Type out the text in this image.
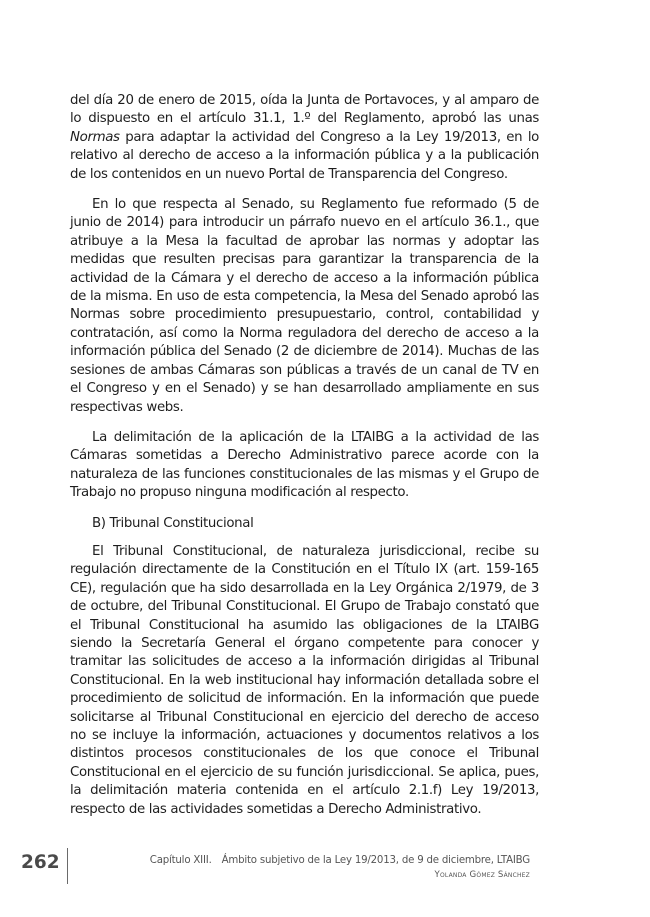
del día 20 de enero de 2015, oída la Junta de Portavoces, y al amparo de lo dispuesto en el artículo 31.1, 1.º del Reglamento, aprobó las unas Normas para adaptar la actividad del Congreso a la Ley 19/2013, en lo relativo al derecho de acceso a la información pública y a la publicación de los contenidos en un nuevo Portal de Transparencia del Congreso.

En lo que respecta al Senado, su Reglamento fue reformado (5 de junio de 2014) para introducir un párrafo nuevo en el artículo 36.1., que atribuye a la Mesa la facultad de aprobar las normas y adoptar las medidas que resulten precisas para garantizar la transparencia de la actividad de la Cámara y el derecho de acceso a la información pública de la misma. En uso de esta competencia, la Mesa del Senado aprobó las Normas sobre procedimiento presupuestario, control, contabilidad y contratación, así como la Norma reguladora del derecho de acceso a la información pública del Senado (2 de diciembre de 2014). Muchas de las sesiones de ambas Cámaras son públicas a través de un canal de TV en el Congreso y en el Senado) y se han desarrollado ampliamente en sus respectivas webs.

La delimitación de la aplicación de la LTAIBG a la actividad de las Cámaras sometidas a Derecho Administrativo parece acorde con la naturaleza de las funciones constitucionales de las mismas y el Grupo de Trabajo no propuso ninguna modificación al respecto.

B) Tribunal Constitucional

El Tribunal Constitucional, de naturaleza jurisdiccional, recibe su regulación directamente de la Constitución en el Título IX (art. 159-165 CE), regulación que ha sido desarrollada en la Ley Orgánica 2/1979, de 3 de octubre, del Tribunal Constitucional. El Grupo de Trabajo constató que el Tribunal Constitucional ha asumido las obligaciones de la LTAIBG siendo la Secretaría General el órgano competente para conocer y tramitar las solicitudes de acceso a la información dirigidas al Tribunal Constitucional. En la web institucional hay información detallada sobre el procedimiento de solicitud de información. En la información que puede solicitarse al Tribunal Constitucional en ejercicio del derecho de acceso no se incluye la información, actuaciones y documentos relativos a los distintos procesos constitucionales de los que conoce el Tribunal Constitucional en el ejercicio de su función jurisdiccional. Se aplica, pues, la delimitación materia contenida en el artículo 2.1.f) Ley 19/2013, respecto de las actividades sometidas a Derecho Administrativo.

262	Capítulo XIII. Ámbito subjetivo de la Ley 19/2013, de 9 de diciembre, LTAIBG
Yolanda Gómez Sánchez
